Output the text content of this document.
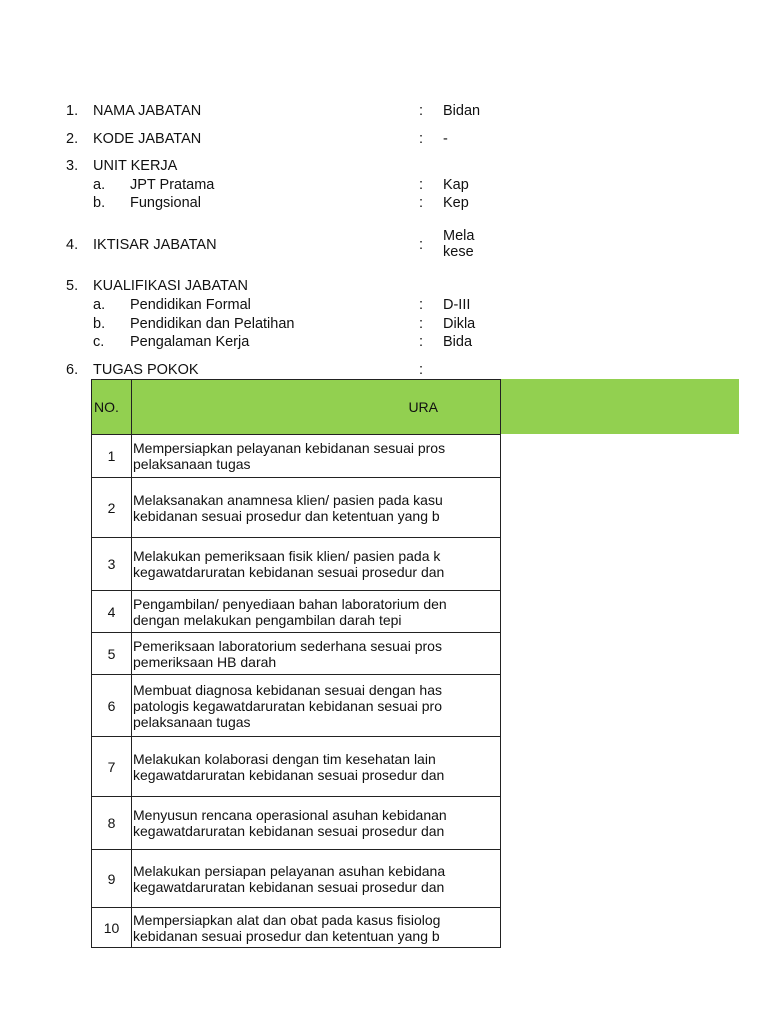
1. NAMA JABATAN	: Bidan
2. KODE JABATAN	: -
3. UNIT KERJA
a. JPT Pratama	: Kap
b. Fungsional	: Kep
4. IKTISAR JABATAN	:
Mela
kese
5. KUALIFIKASI JABATAN
a. Pendidikan Formal	: D-III
b. Pendidikan dan Pelatihan	: Dikla
c. Pengalaman Kerja	: Bida
6. TUGAS POKOK	:
NO.	URA
1	Mempersiapkan pelayanan kebidanan sesuai pros
pelaksanaan tugas

2	Melaksanakan anamnesa klien/ pasien pada kasu
kebidanan sesuai prosedur dan ketentuan yang b

3	Melakukan pemeriksaan fisik klien/ pasien pada k
kegawatdaruratan kebidanan sesuai prosedur dan

4	Pengambilan/ penyediaan bahan laboratorium den
dengan melakukan pengambilan darah tepi

5	Pemeriksaan laboratorium sederhana sesuai pros
pemeriksaan HB darah

6	Membuat diagnosa kebidanan sesuai dengan has
patologis kegawatdaruratan kebidanan sesuai pro
pelaksanaan tugas

7	Melakukan kolaborasi dengan tim kesehatan lain
kegawatdaruratan kebidanan sesuai prosedur dan

8	Menyusun rencana operasional asuhan kebidanan
kegawatdaruratan kebidanan sesuai prosedur dan

9	Melakukan persiapan pelayanan asuhan kebidana
kegawatdaruratan kebidanan sesuai prosedur dan

10	Mempersiapkan alat dan obat pada kasus fisiolog
kebidanan sesuai prosedur dan ketentuan yang b
